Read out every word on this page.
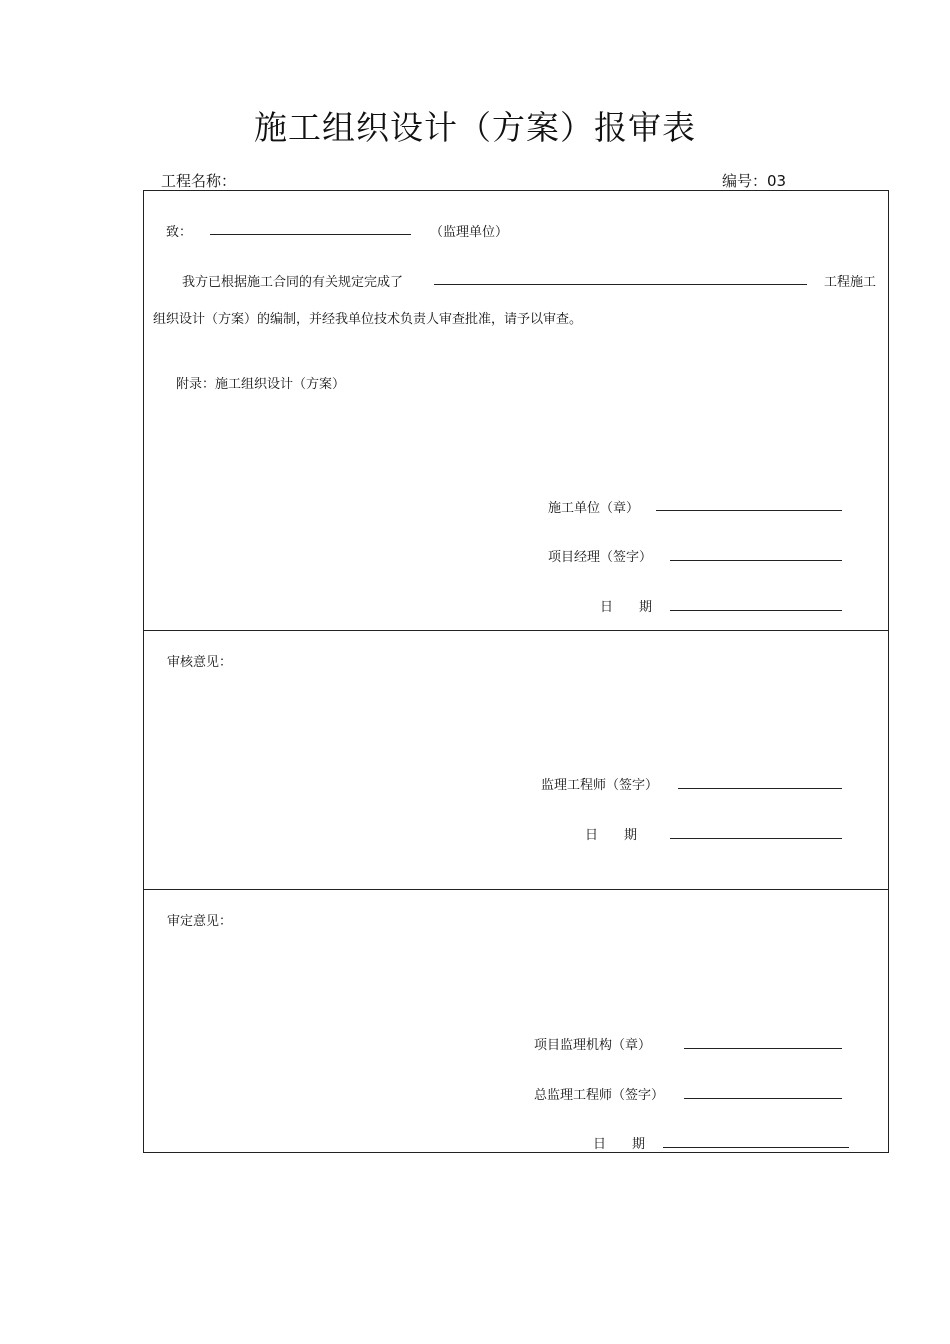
施工组织设计（方案）报审表
工程名称：	编号：03
致：	（监理单位）
我方已根据施工合同的有关规定完成了	工程施工
组织设计（方案）的编制，并经我单位技术负责人审查批准，请予以审查。
附录：施工组织设计（方案）
施工单位（章）
项目经理（签字）
日 期
审核意见：
监理工程师（签字）
日 期
审定意见：
项目监理机构（章）
总监理工程师（签字）
日 期
